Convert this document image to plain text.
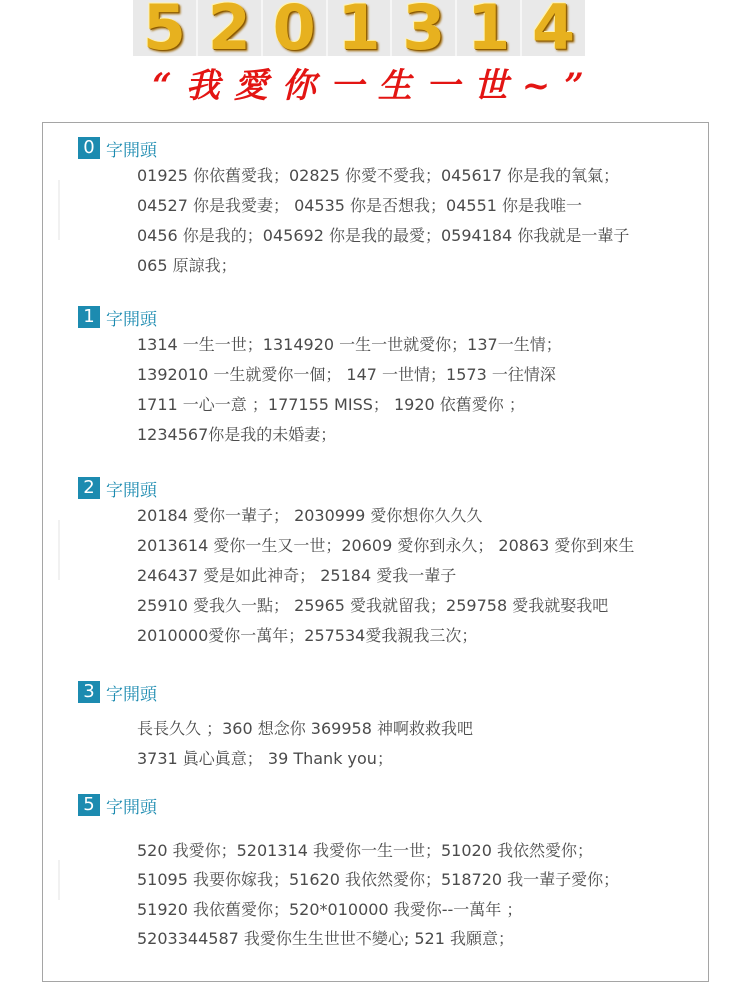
5 2 0 1 3 1 4
“我愛你一生一世~”
0 字開頭
01925 你依舊愛我；02825 你愛不愛我；045617 你是我的氧氣；
04527 你是我愛妻； 04535 你是否想我；04551 你是我唯一
0456 你是我的；045692 你是我的最愛；0594184 你我就是一輩子
065 原諒我；
1 字開頭
1314 一生一世；1314920 一生一世就愛你；137一生情；
1392010 一生就愛你一個； 147 一世情；1573 一往情深
1711 一心一意 ；177155 MISS； 1920 依舊愛你 ；
1234567你是我的未婚妻；
2 字開頭
20184 愛你一輩子； 2030999 愛你想你久久久
2013614 愛你一生又一世；20609 愛你到永久； 20863 愛你到來生
246437 愛是如此神奇； 25184 愛我一輩子
25910 愛我久一點； 25965 愛我就留我；259758 愛我就娶我吧
2010000愛你一萬年；257534愛我親我三次；
3 字開頭
長長久久 ；360 想念你 369958 神啊救救我吧
3731 眞心眞意； 39 Thank you；
5 字開頭
520 我愛你；5201314 我愛你一生一世；51020 我依然愛你；
51095 我要你嫁我；51620 我依然愛你；518720 我一輩子愛你；
51920 我依舊愛你；520*010000 我愛你--一萬年 ；
5203344587 我愛你生生世世不變心; 521 我願意；
